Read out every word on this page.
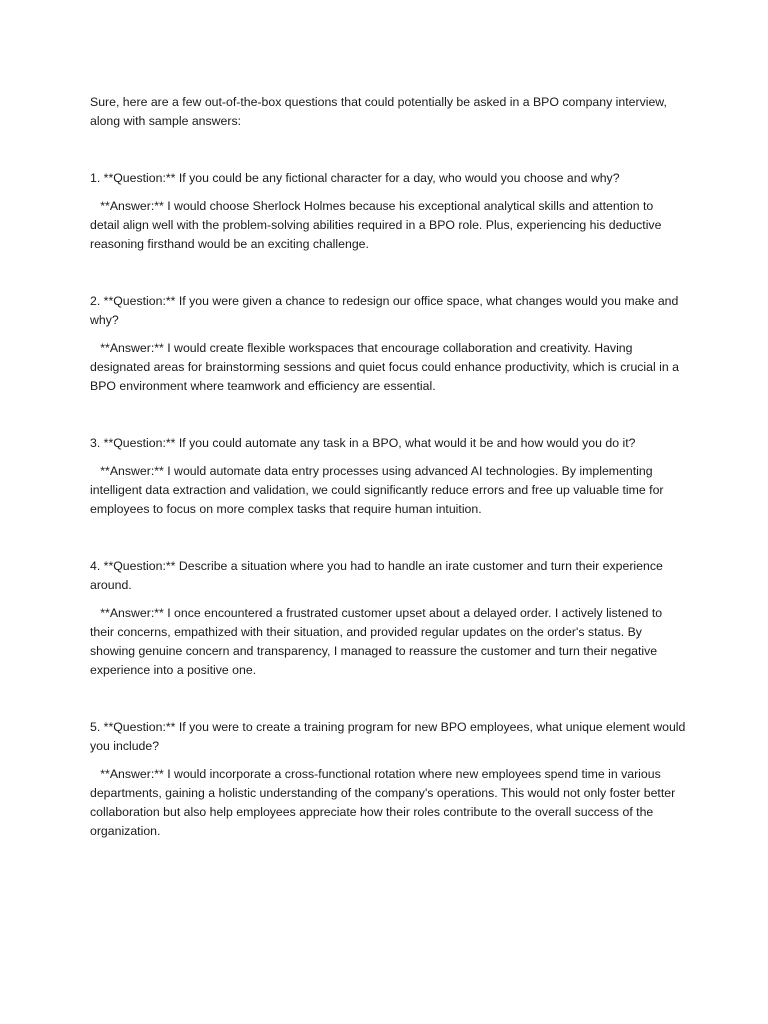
Sure, here are a few out-of-the-box questions that could potentially be asked in a BPO company interview, along with sample answers:

1. **Question:** If you could be any fictional character for a day, who would you choose and why?

**Answer:** I would choose Sherlock Holmes because his exceptional analytical skills and attention to detail align well with the problem-solving abilities required in a BPO role. Plus, experiencing his deductive reasoning firsthand would be an exciting challenge.

2. **Question:** If you were given a chance to redesign our office space, what changes would you make and why?

**Answer:** I would create flexible workspaces that encourage collaboration and creativity. Having designated areas for brainstorming sessions and quiet focus could enhance productivity, which is crucial in a BPO environment where teamwork and efficiency are essential.

3. **Question:** If you could automate any task in a BPO, what would it be and how would you do it?

**Answer:** I would automate data entry processes using advanced AI technologies. By implementing intelligent data extraction and validation, we could significantly reduce errors and free up valuable time for employees to focus on more complex tasks that require human intuition.

4. **Question:** Describe a situation where you had to handle an irate customer and turn their experience around.

**Answer:** I once encountered a frustrated customer upset about a delayed order. I actively listened to their concerns, empathized with their situation, and provided regular updates on the order's status. By showing genuine concern and transparency, I managed to reassure the customer and turn their negative experience into a positive one.

5. **Question:** If you were to create a training program for new BPO employees, what unique element would you include?

**Answer:** I would incorporate a cross-functional rotation where new employees spend time in various departments, gaining a holistic understanding of the company's operations. This would not only foster better collaboration but also help employees appreciate how their roles contribute to the overall success of the organization.
